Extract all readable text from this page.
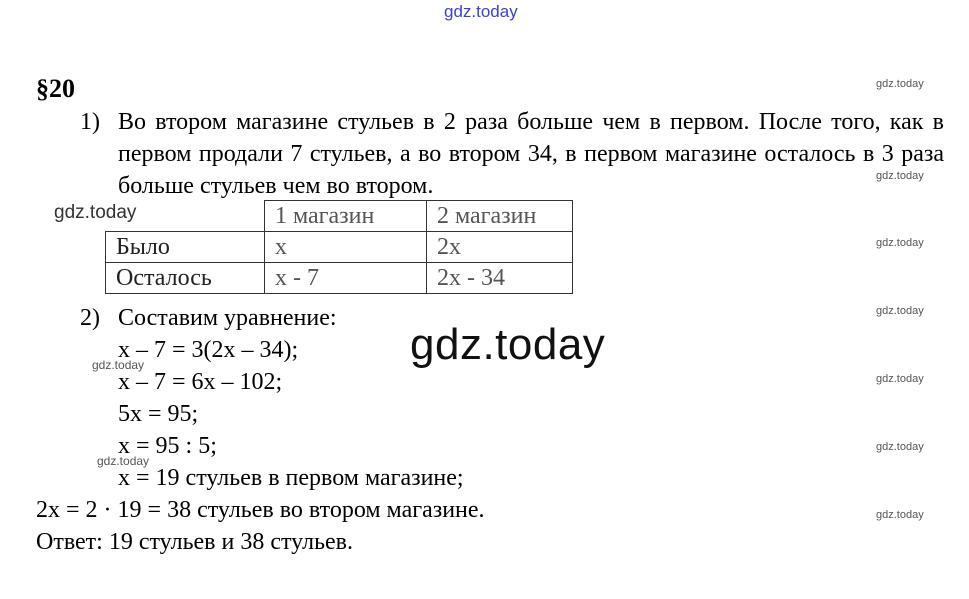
gdz.today
gdz.today
gdz.today
gdz.today
gdz.today
gdz.today
gdz.today
gdz.today
§20
1) Во втором магазине стульев в 2 раза больше чем в первом. После того, как в первом продали 7 стульев, а во втором 34, в первом магазине осталось в 3 раза больше стульев чем во втором.
	1 магазин	2 магазин
Было	x	2x
Осталось	x - 7	2x - 34
gdz.today
2) Составим уравнение:
gdz.today
x – 7 = 3(2x – 34);
gdz.today
x – 7 = 6x – 102;
5x = 95;
x = 95 : 5;
gdz.today
x = 19 стульев в первом магазине;
2x = 2 · 19 = 38 стульев во втором магазине.
Ответ: 19 стульев и 38 стульев.
